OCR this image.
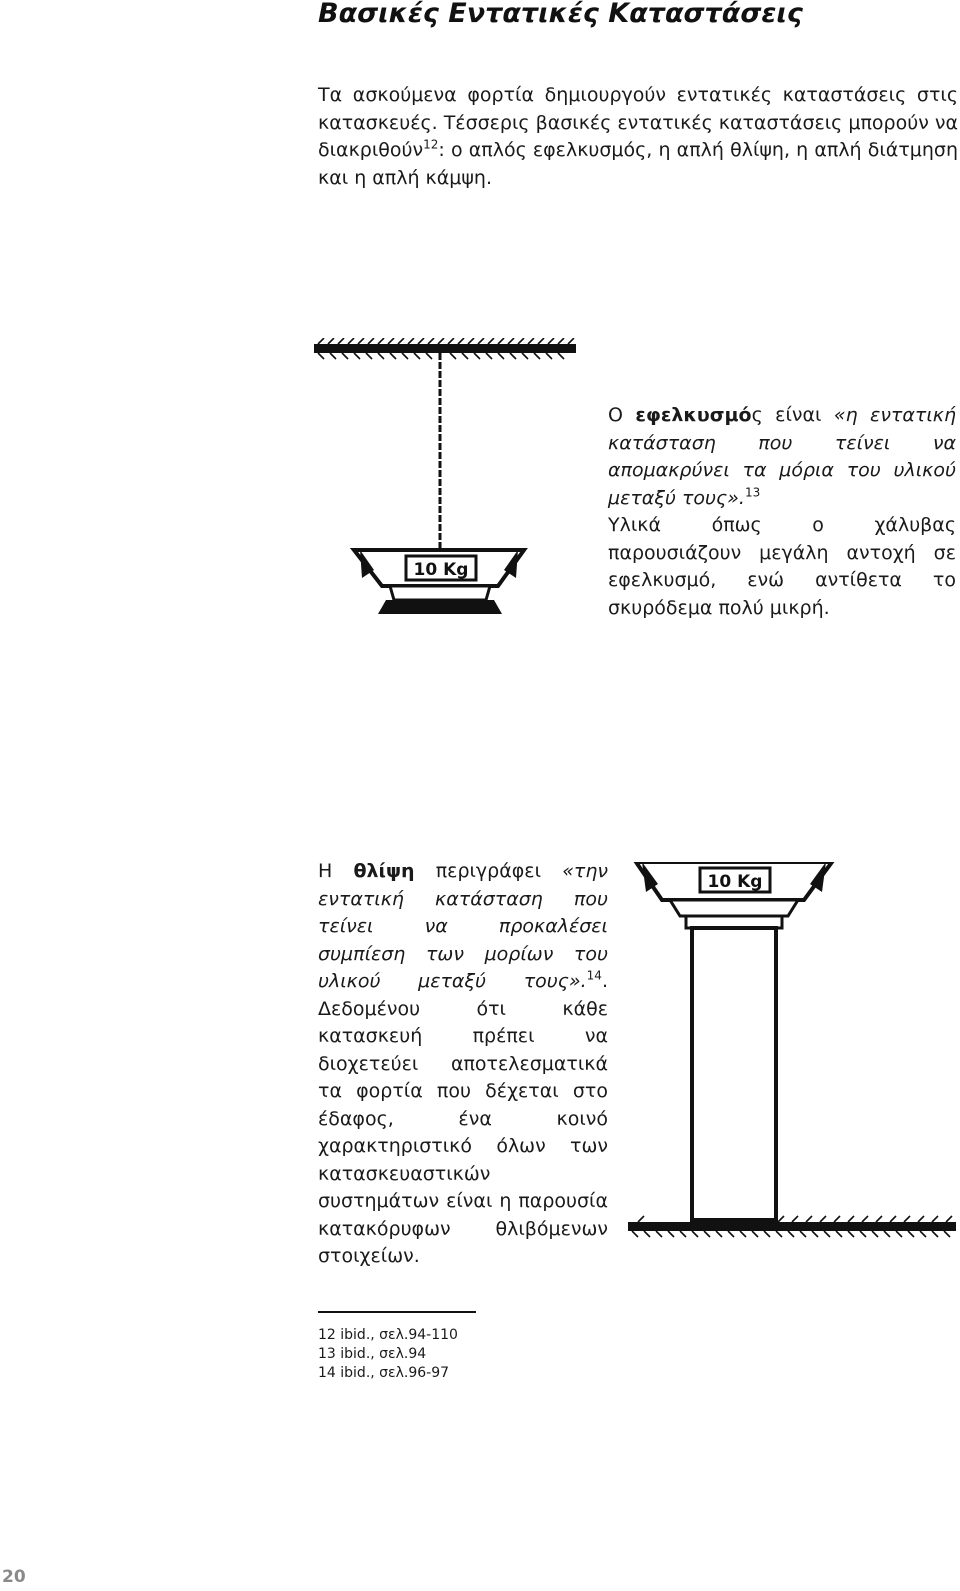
Βασικές Εντατικές Καταστάσεις

Τα ασκούμενα φορτία δημιουργούν εντατικές καταστάσεις στις κατασκευές. Τέσσερις βασικές εντατικές καταστάσεις μπορούν να διακριθούν$^{12}$: ο απλός εφελκυσμός, η απλή θλίψη, η απλή διάτμηση και η απλή κάμψη.

10 Kg

Ο εφελκυσμός είναι «η εντατική κατάσταση που τείνει να απομακρύνει τα μόρια του υλικού μεταξύ τους».$^{13}$
Υλικά όπως ο χάλυβας παρουσιάζουν μεγάλη αντοχή σε εφελκυσμό, ενώ αντίθετα το σκυρόδεμα πολύ μικρή.

Η θλίψη περιγράφει «την εντατική κατάσταση που τείνει να προκαλέσει συμπίεση των μορίων του υλικού μεταξύ τους».$^{14}$. Δεδομένου ότι κάθε κατασκευή πρέπει να διοχετεύει αποτελεσματικά τα φορτία που δέχεται στο έδαφος, ένα κοινό χαρακτηριστικό όλων των κατασκευαστικών συστημάτων είναι η παρουσία κατακόρυφων θλιβόμενων στοιχείων.

10 Kg
12 ibid., σελ.94-110
13 ibid., σελ.94
14 ibid., σελ.96-97
20
